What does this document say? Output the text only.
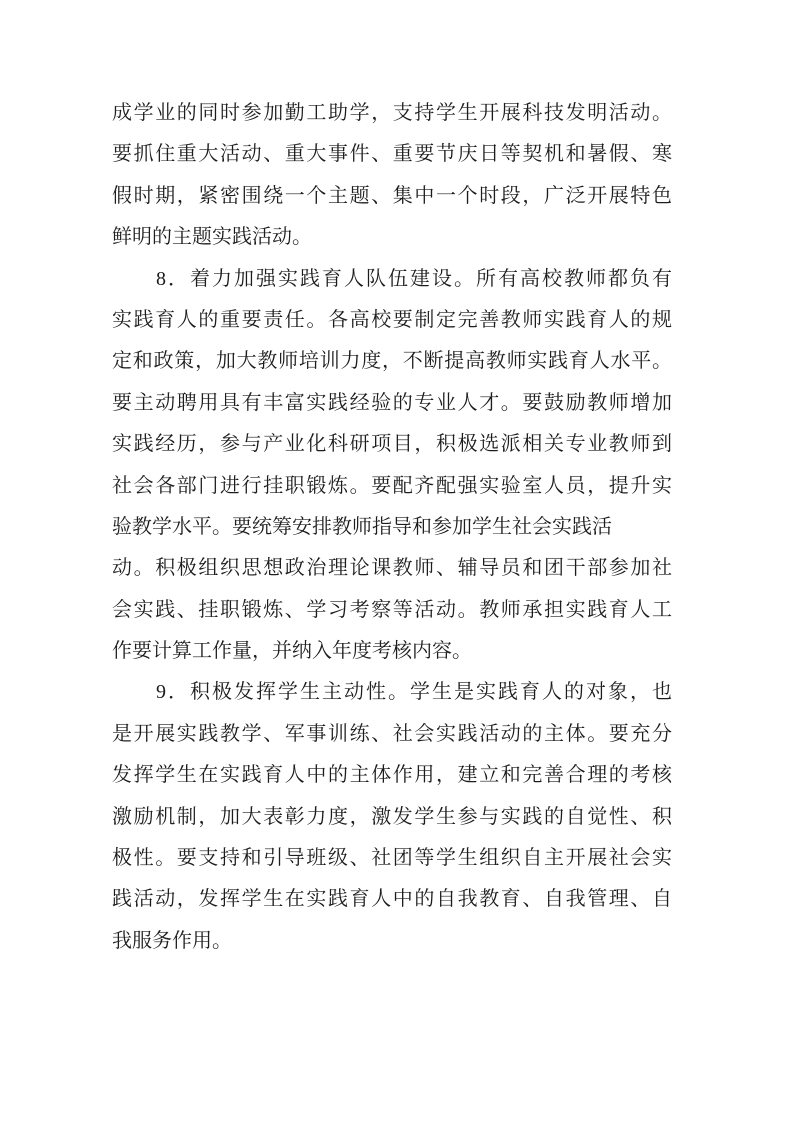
成学业的同时参加勤工助学，支持学生开展科技发明活动。
要抓住重大活动、重大事件、重要节庆日等契机和暑假、寒
假时期，紧密围绕一个主题、集中一个时段，广泛开展特色
鲜明的主题实践活动。
　　8．着力加强实践育人队伍建设。所有高校教师都负有
实践育人的重要责任。各高校要制定完善教师实践育人的规
定和政策，加大教师培训力度，不断提高教师实践育人水平。
要主动聘用具有丰富实践经验的专业人才。要鼓励教师增加
实践经历，参与产业化科研项目，积极选派相关专业教师到
社会各部门进行挂职锻炼。要配齐配强实验室人员，提升实
验教学水平。要统筹安排教师指导和参加学生社会实践活
动。积极组织思想政治理论课教师、辅导员和团干部参加社
会实践、挂职锻炼、学习考察等活动。教师承担实践育人工
作要计算工作量，并纳入年度考核内容。
　　9．积极发挥学生主动性。学生是实践育人的对象，也
是开展实践教学、军事训练、社会实践活动的主体。要充分
发挥学生在实践育人中的主体作用，建立和完善合理的考核
激励机制，加大表彰力度，激发学生参与实践的自觉性、积
极性。要支持和引导班级、社团等学生组织自主开展社会实
践活动，发挥学生在实践育人中的自我教育、自我管理、自
我服务作用。
